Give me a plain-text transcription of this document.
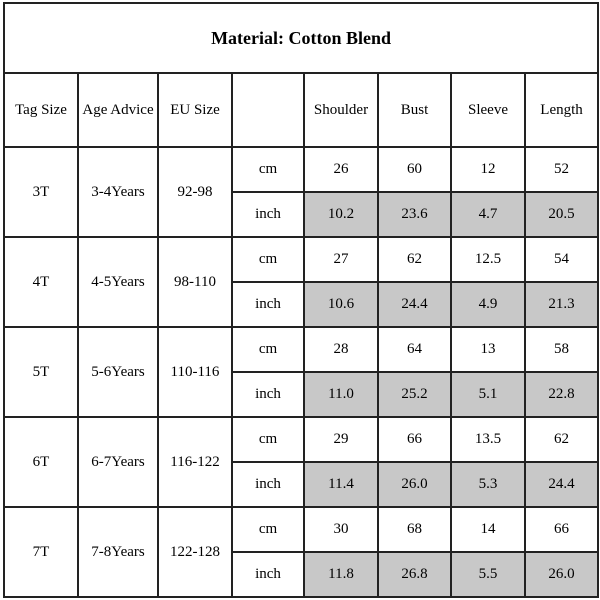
Material: Cotton Blend							
Tag Size	Age Advice	EU Size		Shoulder	Bust	Sleeve	Length
3T	3-4Years	92-98	cm	26	60	12	52
			inch	10.2	23.6	4.7	20.5
4T	4-5Years	98-110	cm	27	62	12.5	54
			inch	10.6	24.4	4.9	21.3
5T	5-6Years	110-116	cm	28	64	13	58
			inch	11.0	25.2	5.1	22.8
6T	6-7Years	116-122	cm	29	66	13.5	62
			inch	11.4	26.0	5.3	24.4
7T	7-8Years	122-128	cm	30	68	14	66
			inch	11.8	26.8	5.5	26.0
